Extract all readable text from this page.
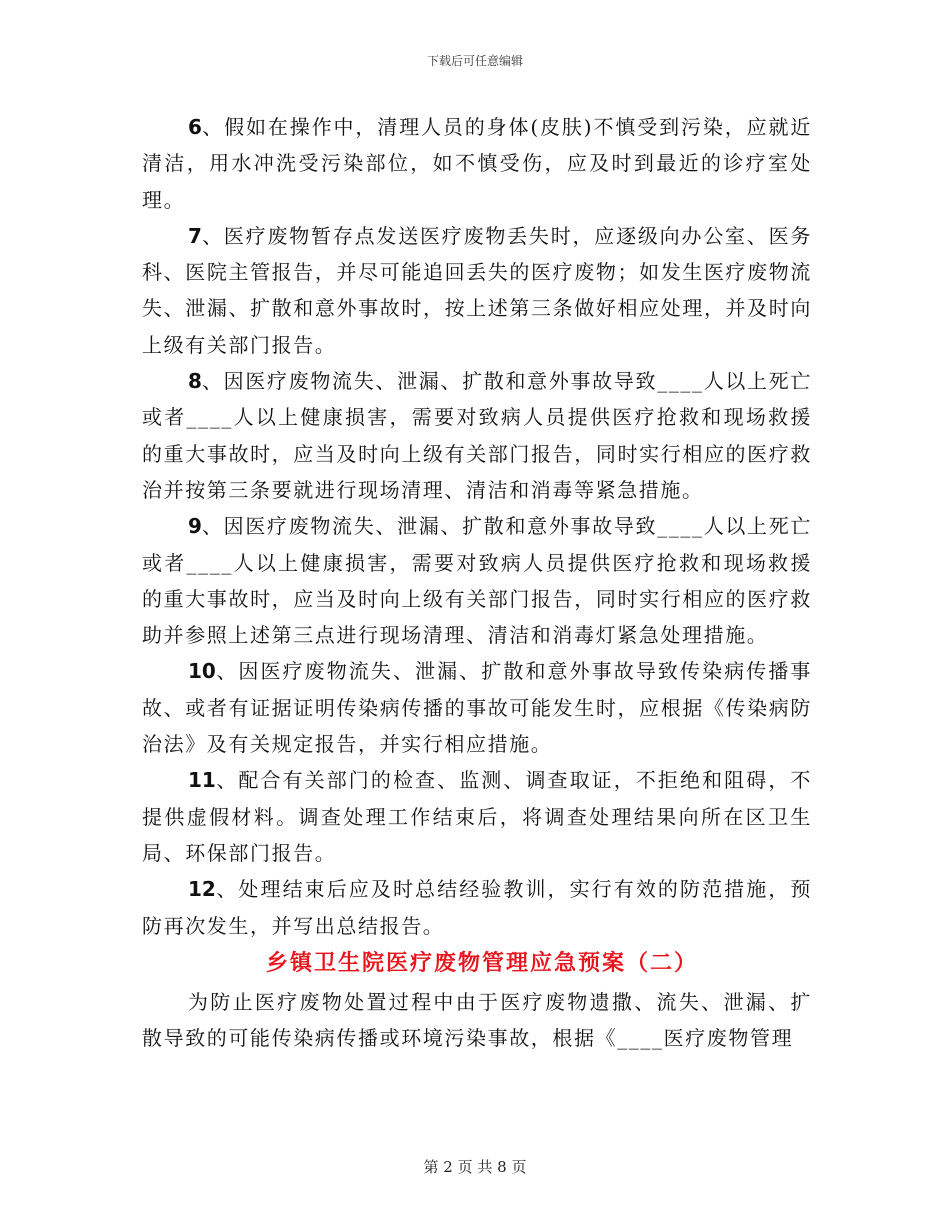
下载后可任意编辑

6、假如在操作中，清理人员的身体(皮肤)不慎受到污染，应就近清洁，用水冲洗受污染部位，如不慎受伤，应及时到最近的诊疗室处理。

7、医疗废物暂存点发送医疗废物丢失时，应逐级向办公室、医务科、医院主管报告，并尽可能追回丢失的医疗废物；如发生医疗废物流失、泄漏、扩散和意外事故时，按上述第三条做好相应处理，并及时向上级有关部门报告。

8、因医疗废物流失、泄漏、扩散和意外事故导致____人以上死亡或者____人以上健康损害，需要对致病人员提供医疗抢救和现场救援的重大事故时，应当及时向上级有关部门报告，同时实行相应的医疗救治并按第三条要就进行现场清理、清洁和消毒等紧急措施。

9、因医疗废物流失、泄漏、扩散和意外事故导致____人以上死亡或者____人以上健康损害，需要对致病人员提供医疗抢救和现场救援的重大事故时，应当及时向上级有关部门报告，同时实行相应的医疗救助并参照上述第三点进行现场清理、清洁和消毒灯紧急处理措施。

10、因医疗废物流失、泄漏、扩散和意外事故导致传染病传播事故、或者有证据证明传染病传播的事故可能发生时，应根据《传染病防治法》及有关规定报告，并实行相应措施。

11、配合有关部门的检查、监测、调查取证，不拒绝和阻碍，不提供虚假材料。调查处理工作结束后，将调查处理结果向所在区卫生局、环保部门报告。

12、处理结束后应及时总结经验教训，实行有效的防范措施，预防再次发生，并写出总结报告。

乡镇卫生院医疗废物管理应急预案（二）

为防止医疗废物处置过程中由于医疗废物遗撒、流失、泄漏、扩散导致的可能传染病传播或环境污染事故，根据《____医疗废物管理

第 2 页 共 8 页
